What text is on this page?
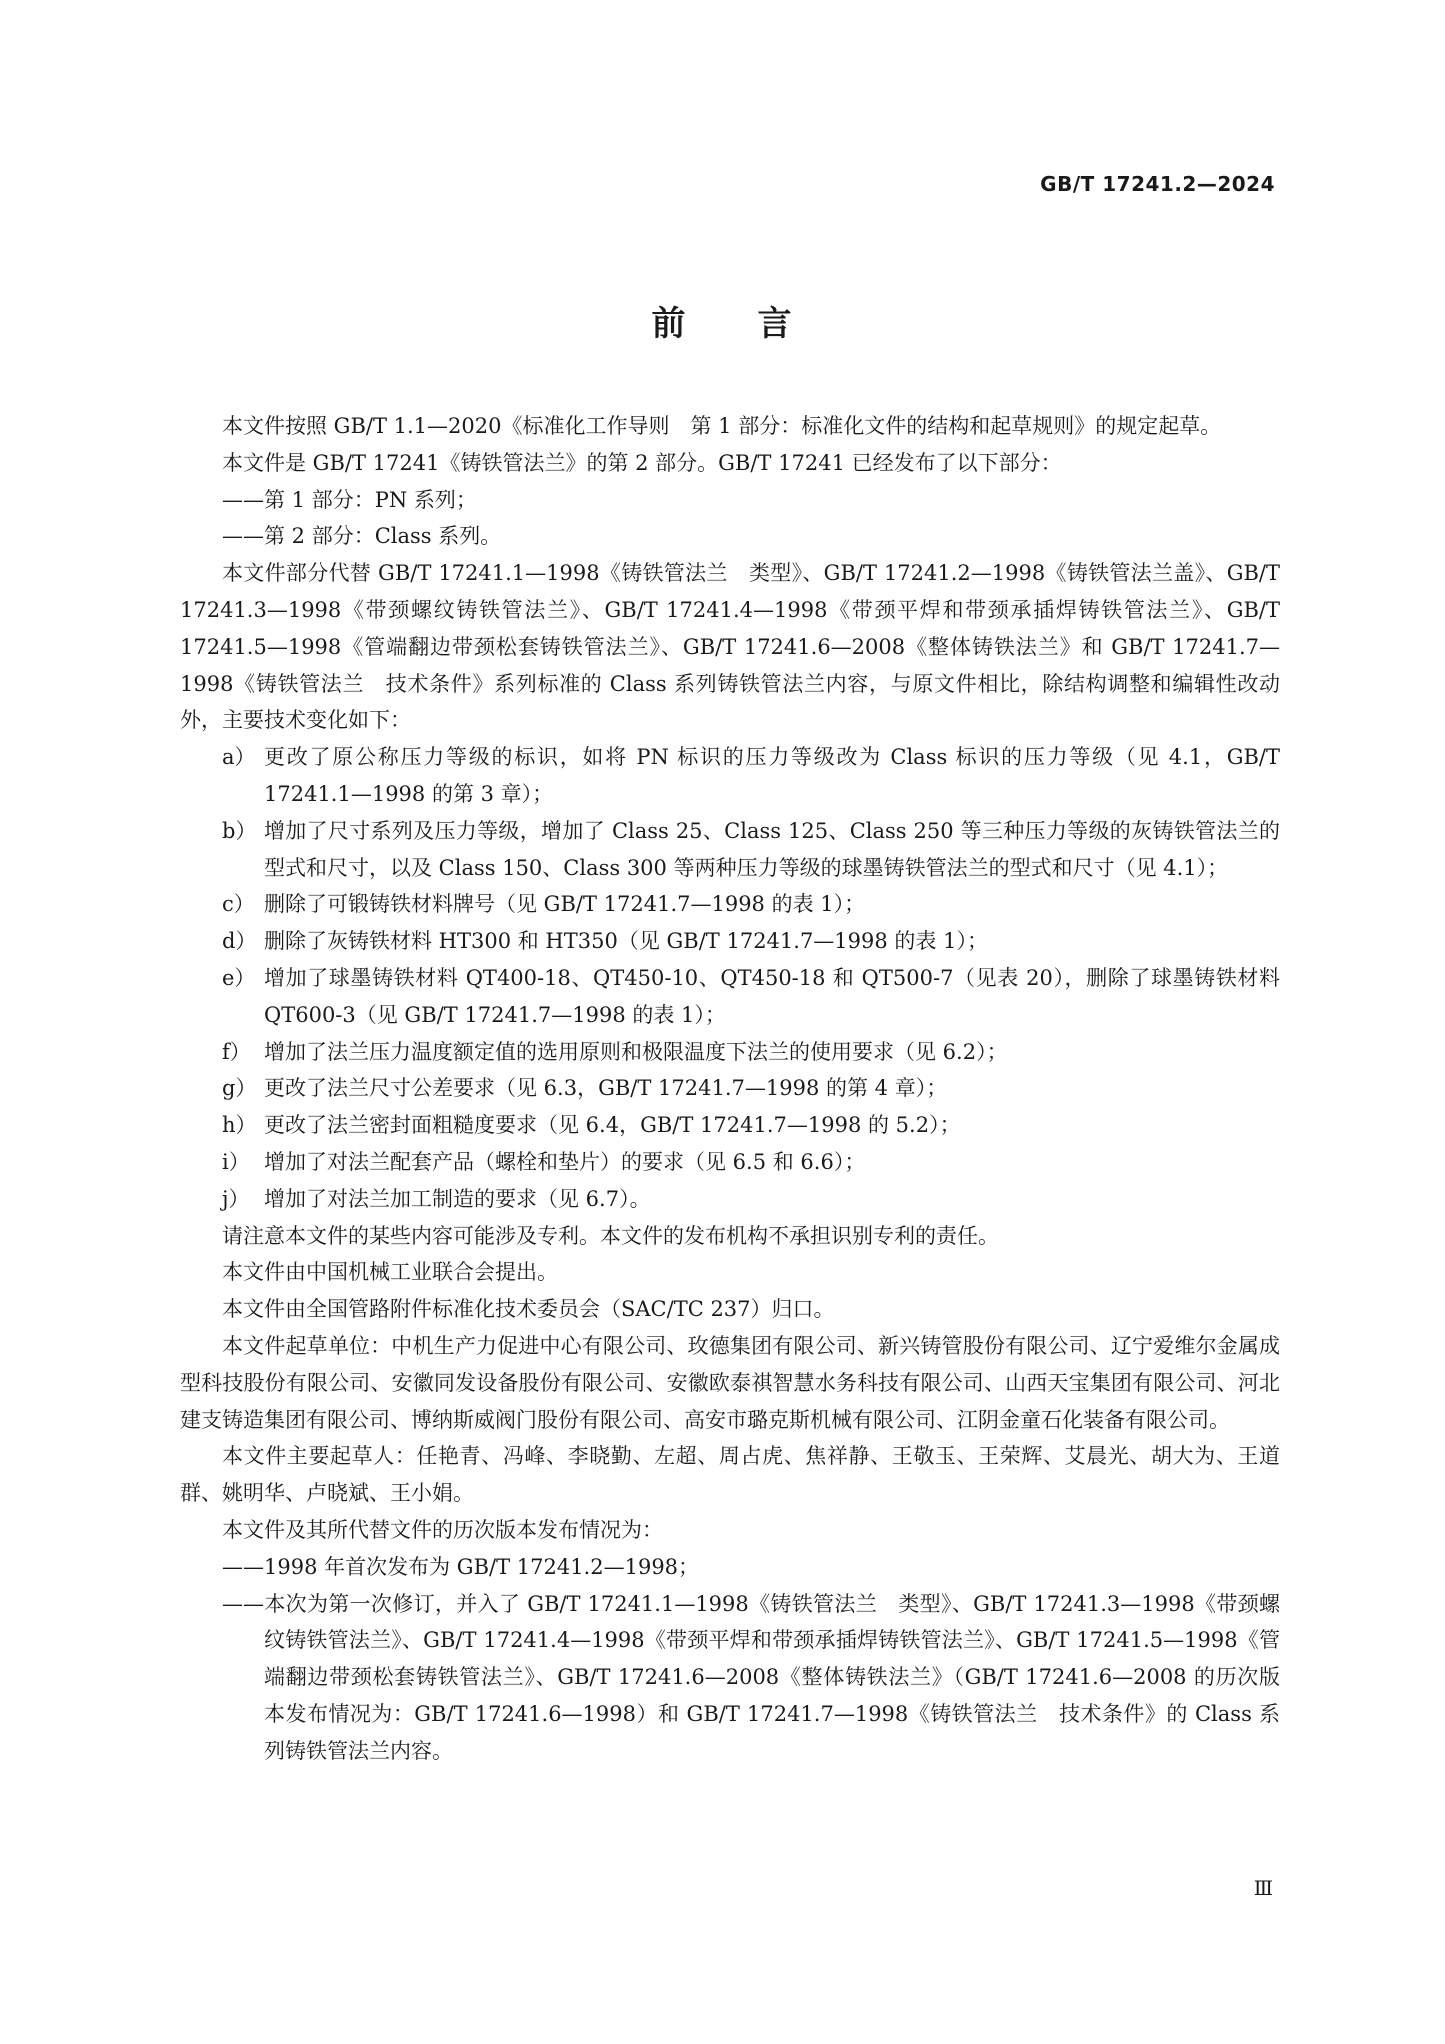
GB/T 17241.2—2024
前 言

本文件按照 GB/T 1.1—2020《标准化工作导则　第 1 部分：标准化文件的结构和起草规则》的规定起草。

本文件是 GB/T 17241《铸铁管法兰》的第 2 部分。GB/T 17241 已经发布了以下部分：

——第 1 部分：PN 系列；

——第 2 部分：Class 系列。

本文件部分代替 GB/T 17241.1—1998《铸铁管法兰　类型》、GB/T 17241.2—1998《铸铁管法兰盖》、GB/T 17241.3—1998《带颈螺纹铸铁管法兰》、GB/T 17241.4—1998《带颈平焊和带颈承插焊铸铁管法兰》、GB/T 17241.5—1998《管端翻边带颈松套铸铁管法兰》、GB/T 17241.6—2008《整体铸铁法兰》和 GB/T 17241.7—1998《铸铁管法兰　技术条件》系列标准的 Class 系列铸铁管法兰内容，与原文件相比，除结构调整和编辑性改动外，主要技术变化如下：

a） 更改了原公称压力等级的标识，如将 PN 标识的压力等级改为 Class 标识的压力等级（见 4.1，GB/T 17241.1—1998 的第 3 章）；
b） 增加了尺寸系列及压力等级，增加了 Class 25、Class 125、Class 250 等三种压力等级的灰铸铁管法兰的型式和尺寸，以及 Class 150、Class 300 等两种压力等级的球墨铸铁管法兰的型式和尺寸（见 4.1）；
c） 删除了可锻铸铁材料牌号（见 GB/T 17241.7—1998 的表 1）；
d） 删除了灰铸铁材料 HT300 和 HT350（见 GB/T 17241.7—1998 的表 1）；
e） 增加了球墨铸铁材料 QT400-18、QT450-10、QT450-18 和 QT500-7（见表 20），删除了球墨铸铁材料 QT600-3（见 GB/T 17241.7—1998 的表 1）；
f） 增加了法兰压力温度额定值的选用原则和极限温度下法兰的使用要求（见 6.2）；
g） 更改了法兰尺寸公差要求（见 6.3，GB/T 17241.7—1998 的第 4 章）；
h） 更改了法兰密封面粗糙度要求（见 6.4，GB/T 17241.7—1998 的 5.2）；
i） 增加了对法兰配套产品（螺栓和垫片）的要求（见 6.5 和 6.6）；
j） 增加了对法兰加工制造的要求（见 6.7）。

请注意本文件的某些内容可能涉及专利。本文件的发布机构不承担识别专利的责任。

本文件由中国机械工业联合会提出。

本文件由全国管路附件标准化技术委员会（SAC/TC 237）归口。

本文件起草单位：中机生产力促进中心有限公司、玫德集团有限公司、新兴铸管股份有限公司、辽宁爱维尔金属成型科技股份有限公司、安徽同发设备股份有限公司、安徽欧泰祺智慧水务科技有限公司、山西天宝集团有限公司、河北建支铸造集团有限公司、博纳斯威阀门股份有限公司、高安市璐克斯机械有限公司、江阴金童石化装备有限公司。

本文件主要起草人：任艳青、冯峰、李晓勤、左超、周占虎、焦祥静、王敬玉、王荣辉、艾晨光、胡大为、王道群、姚明华、卢晓斌、王小娟。

本文件及其所代替文件的历次版本发布情况为：

——1998 年首次发布为 GB/T 17241.2—1998；

——本次为第一次修订，并入了 GB/T 17241.1—1998《铸铁管法兰　类型》、GB/T 17241.3—1998《带颈螺纹铸铁管法兰》、GB/T 17241.4—1998《带颈平焊和带颈承插焊铸铁管法兰》、GB/T 17241.5—1998《管端翻边带颈松套铸铁管法兰》、GB/T 17241.6—2008《整体铸铁法兰》（GB/T 17241.6—2008 的历次版本发布情况为：GB/T 17241.6—1998）和 GB/T 17241.7—1998《铸铁管法兰　技术条件》的 Class 系列铸铁管法兰内容。

Ⅲ
